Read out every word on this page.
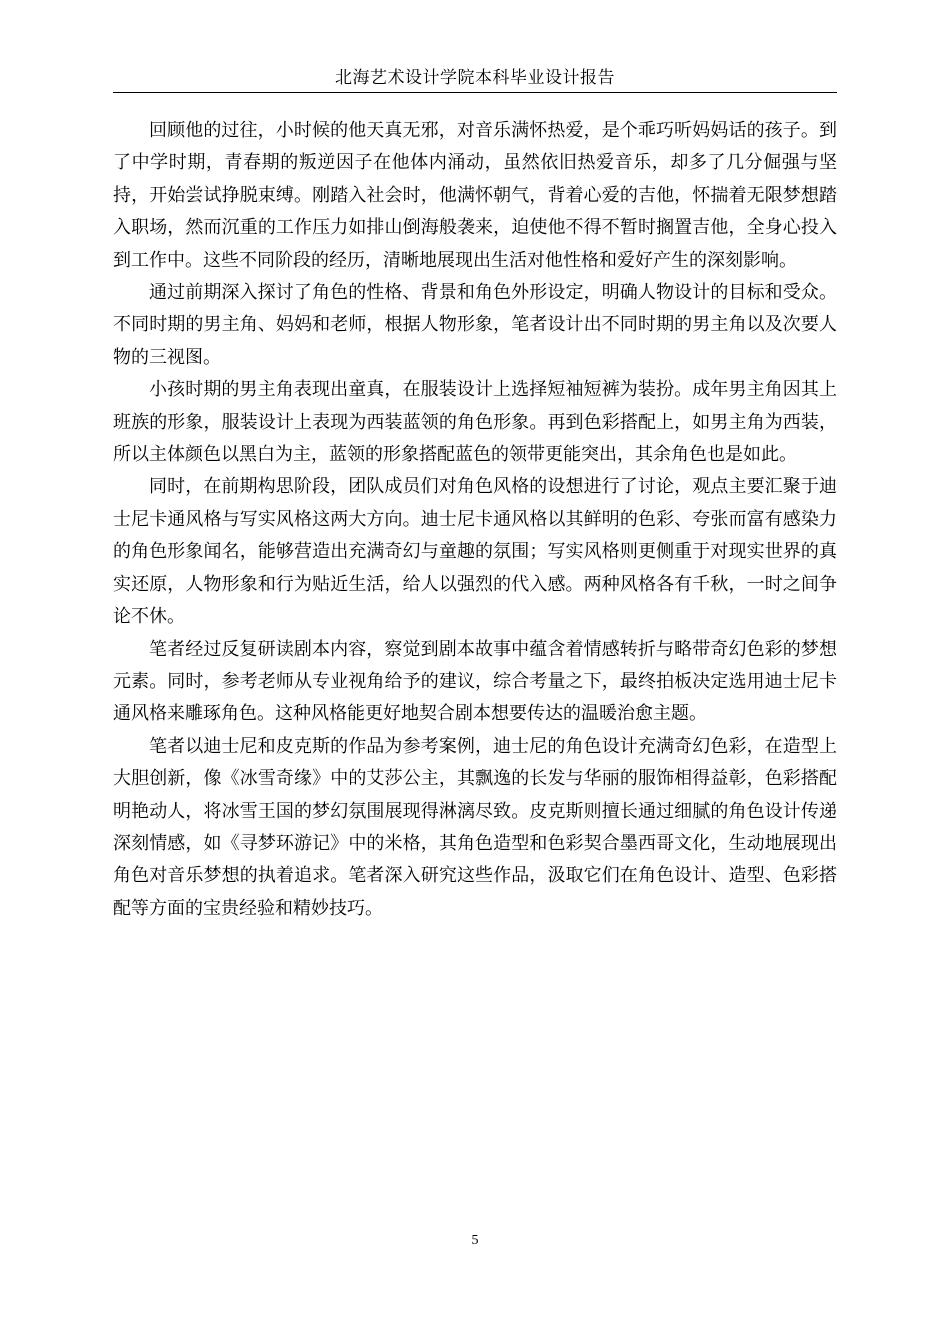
北海艺术设计学院本科毕业设计报告

回顾他的过往，小时候的他天真无邪，对音乐满怀热爱，是个乖巧听妈妈话的孩子。到了中学时期，青春期的叛逆因子在他体内涌动，虽然依旧热爱音乐，却多了几分倔强与坚持，开始尝试挣脱束缚。刚踏入社会时，他满怀朝气，背着心爱的吉他，怀揣着无限梦想踏入职场，然而沉重的工作压力如排山倒海般袭来，迫使他不得不暂时搁置吉他，全身心投入到工作中。这些不同阶段的经历，清晰地展现出生活对他性格和爱好产生的深刻影响。

通过前期深入探讨了角色的性格、背景和角色外形设定，明确人物设计的目标和受众。不同时期的男主角、妈妈和老师，根据人物形象，笔者设计出不同时期的男主角以及次要人物的三视图。

小孩时期的男主角表现出童真，在服装设计上选择短袖短裤为装扮。成年男主角因其上班族的形象，服装设计上表现为西装蓝领的角色形象。再到色彩搭配上，如男主角为西装，所以主体颜色以黑白为主，蓝领的形象搭配蓝色的领带更能突出，其余角色也是如此。

同时，在前期构思阶段，团队成员们对角色风格的设想进行了讨论，观点主要汇聚于迪士尼卡通风格与写实风格这两大方向。迪士尼卡通风格以其鲜明的色彩、夸张而富有感染力的角色形象闻名，能够营造出充满奇幻与童趣的氛围；写实风格则更侧重于对现实世界的真实还原，人物形象和行为贴近生活，给人以强烈的代入感。两种风格各有千秋，一时之间争论不休。

笔者经过反复研读剧本内容，察觉到剧本故事中蕴含着情感转折与略带奇幻色彩的梦想元素。同时，参考老师从专业视角给予的建议，综合考量之下，最终拍板决定选用迪士尼卡通风格来雕琢角色。这种风格能更好地契合剧本想要传达的温暖治愈主题。

笔者以迪士尼和皮克斯的作品为参考案例，迪士尼的角色设计充满奇幻色彩，在造型上大胆创新，像《冰雪奇缘》中的艾莎公主，其飘逸的长发与华丽的服饰相得益彰，色彩搭配明艳动人，将冰雪王国的梦幻氛围展现得淋漓尽致。皮克斯则擅长通过细腻的角色设计传递深刻情感，如《寻梦环游记》中的米格，其角色造型和色彩契合墨西哥文化，生动地展现出角色对音乐梦想的执着追求。笔者深入研究这些作品，汲取它们在角色设计、造型、色彩搭配等方面的宝贵经验和精妙技巧。

5
